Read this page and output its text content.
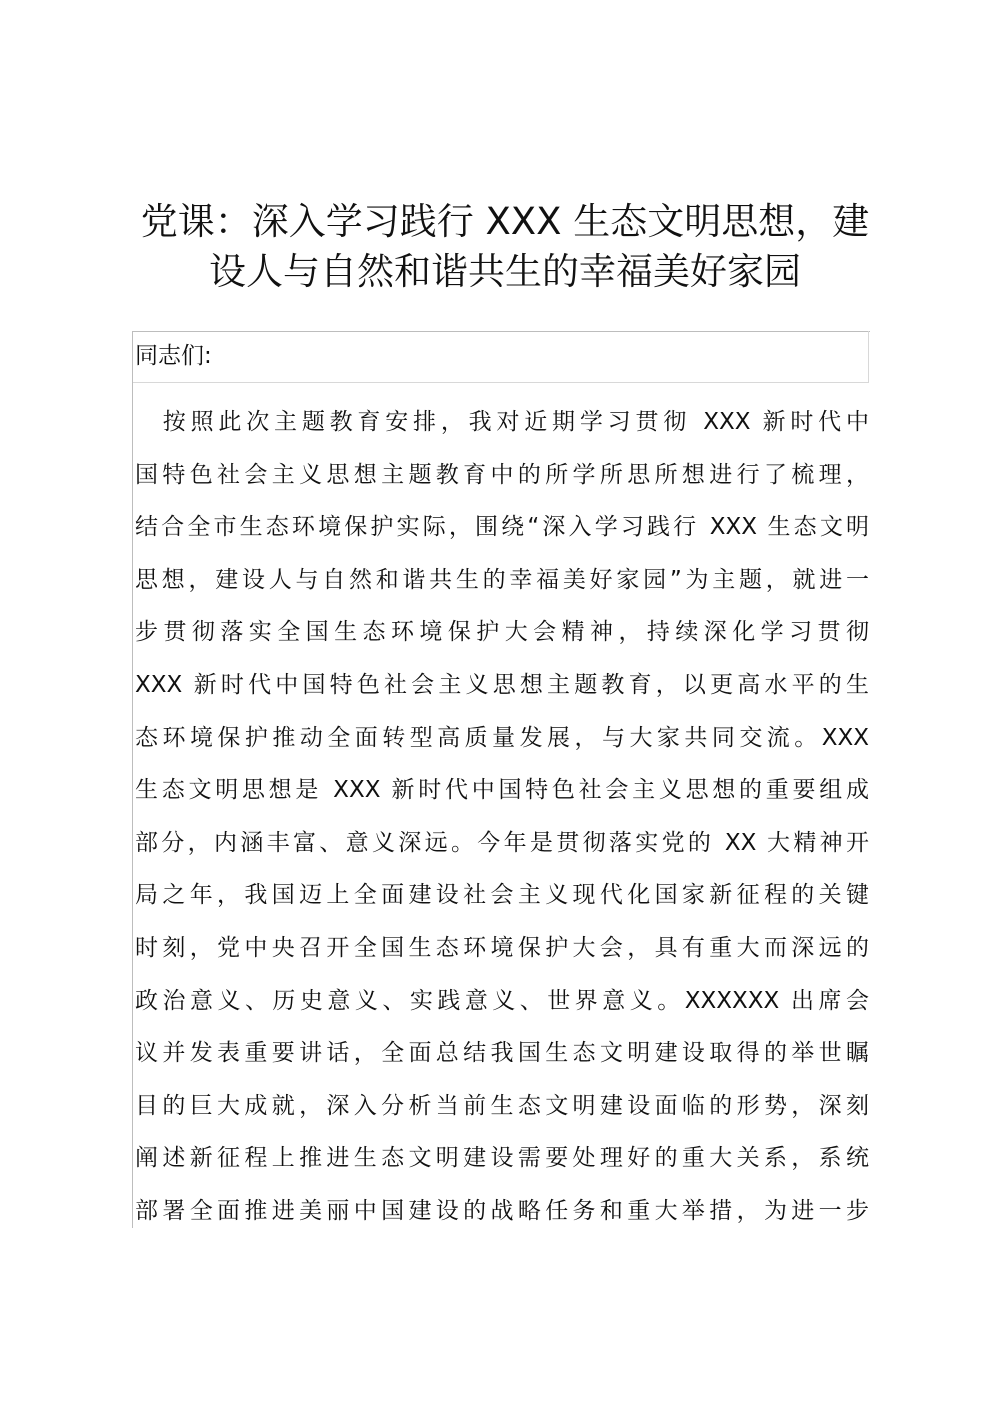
党课：深入学习践行 XXX 生态文明思想，建
设人与自然和谐共生的幸福美好家园
同志们:
　按照此次主题教育安排，我对近期学习贯彻 XXX 新时代中
国特色社会主义思想主题教育中的所学所思所想进行了梳理，
结合全市生态环境保护实际，围绕“深入学习践行 XXX 生态文明
思想，建设人与自然和谐共生的幸福美好家园”为主题，就进一
步贯彻落实全国生态环境保护大会精神，持续深化学习贯彻
XXX 新时代中国特色社会主义思想主题教育，以更高水平的生
态环境保护推动全面转型高质量发展，与大家共同交流。XXX
生态文明思想是 XXX 新时代中国特色社会主义思想的重要组成
部分，内涵丰富、意义深远。今年是贯彻落实党的 XX 大精神开
局之年，我国迈上全面建设社会主义现代化国家新征程的关键
时刻，党中央召开全国生态环境保护大会，具有重大而深远的
政治意义、历史意义、实践意义、世界意义。XXXXXX 出席会
议并发表重要讲话，全面总结我国生态文明建设取得的举世瞩
目的巨大成就，深入分析当前生态文明建设面临的形势，深刻
阐述新征程上推进生态文明建设需要处理好的重大关系，系统
部署全面推进美丽中国建设的战略任务和重大举措，为进一步
